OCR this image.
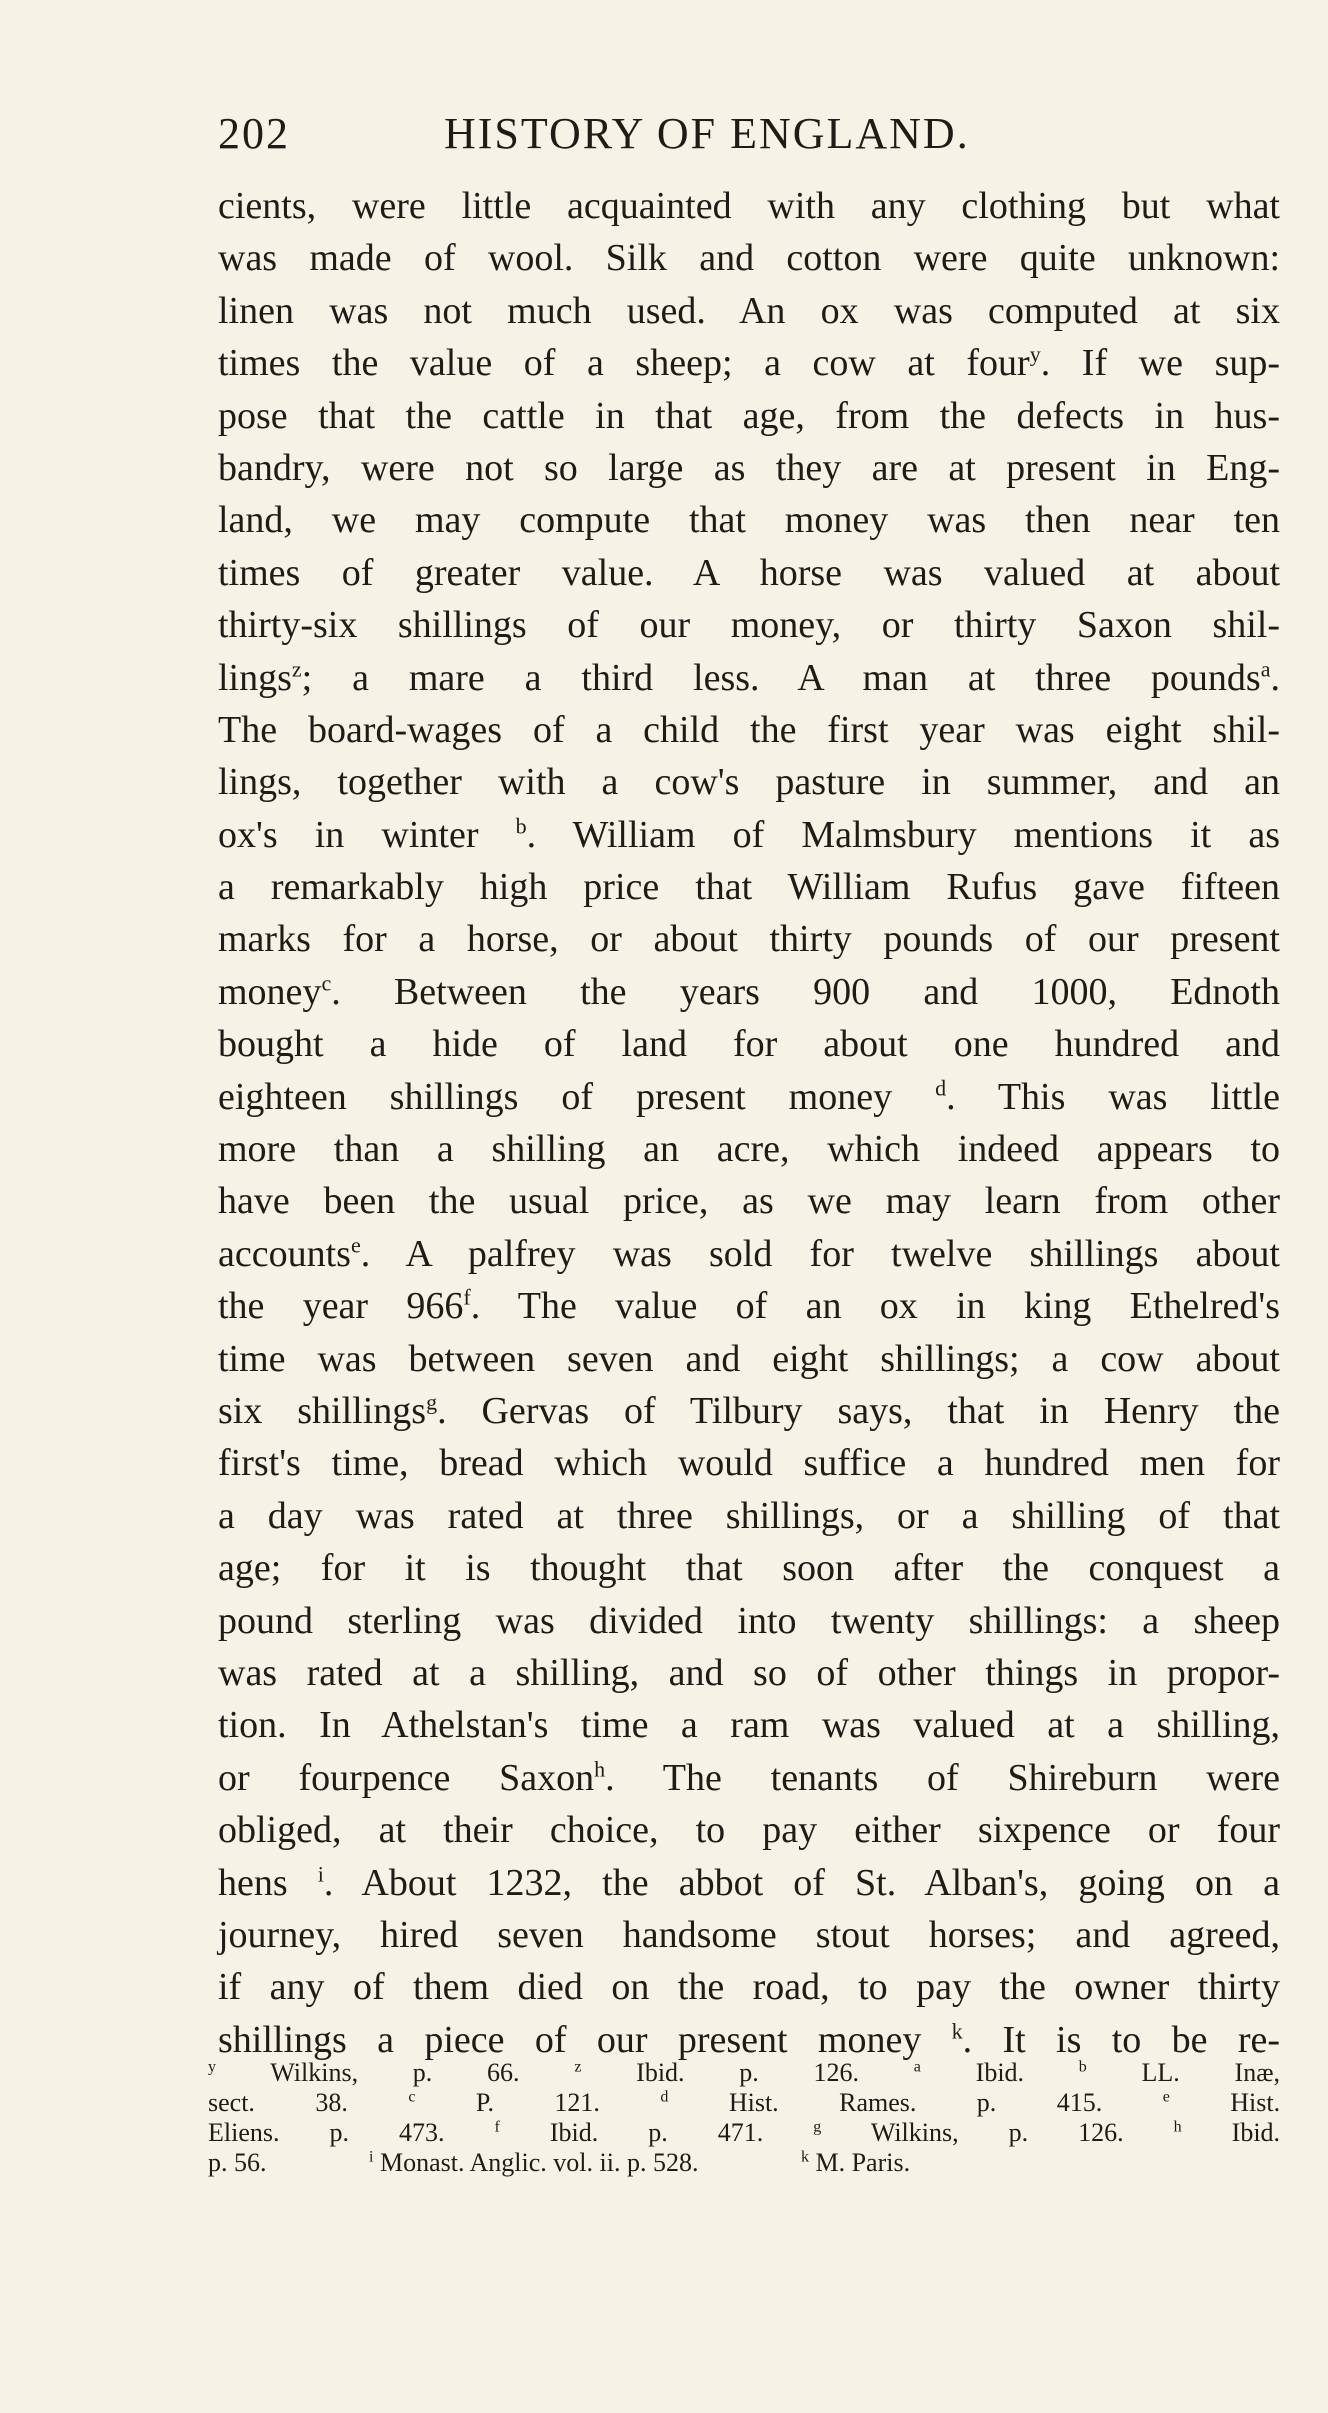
202	HISTORY OF ENGLAND.
cients, were little acquainted with any clothing but what
was made of wool. Silk and cotton were quite unknown:
linen was not much used. An ox was computed at six
times the value of a sheep; a cow at four$^y$. If we sup-
pose that the cattle in that age, from the defects in hus-
bandry, were not so large as they are at present in Eng-
land, we may compute that money was then near ten
times of greater value. A horse was valued at about
thirty-six shillings of our money, or thirty Saxon shil-
lings$^z$; a mare a third less. A man at three pounds$^a$.
The board-wages of a child the first year was eight shil-
lings, together with a cow's pasture in summer, and an
ox's in winter $^b$. William of Malmsbury mentions it as
a remarkably high price that William Rufus gave fifteen
marks for a horse, or about thirty pounds of our present
money$^c$. Between the years 900 and 1000, Ednoth
bought a hide of land for about one hundred and
eighteen shillings of present money $^d$. This was little
more than a shilling an acre, which indeed appears to
have been the usual price, as we may learn from other
accounts$^e$. A palfrey was sold for twelve shillings about
the year 966$^f$. The value of an ox in king Ethelred's
time was between seven and eight shillings; a cow about
six shillings$^g$. Gervas of Tilbury says, that in Henry the
first's time, bread which would suffice a hundred men for
a day was rated at three shillings, or a shilling of that
age; for it is thought that soon after the conquest a
pound sterling was divided into twenty shillings: a sheep
was rated at a shilling, and so of other things in propor-
tion. In Athelstan's time a ram was valued at a shilling,
or fourpence Saxon$^h$. The tenants of Shireburn were
obliged, at their choice, to pay either sixpence or four
hens $^i$. About 1232, the abbot of St. Alban's, going on a
journey, hired seven handsome stout horses; and agreed,
if any of them died on the road, to pay the owner thirty
shillings a piece of our present money $^k$. It is to be re-
$^y$ Wilkins, p. 66.	$^z$ Ibid. p. 126.	$^a$ Ibid.	$^b$ LL. Inæ,
sect. 38.	$^c$ P. 121.	$^d$ Hist. Rames. p. 415.	$^e$ Hist.
Eliens. p. 473.	$^f$ Ibid. p. 471.	$^g$ Wilkins, p. 126.	$^h$ Ibid.
p. 56.	$^i$ Monast. Anglic. vol. ii. p. 528.	$^k$ M. Paris.
